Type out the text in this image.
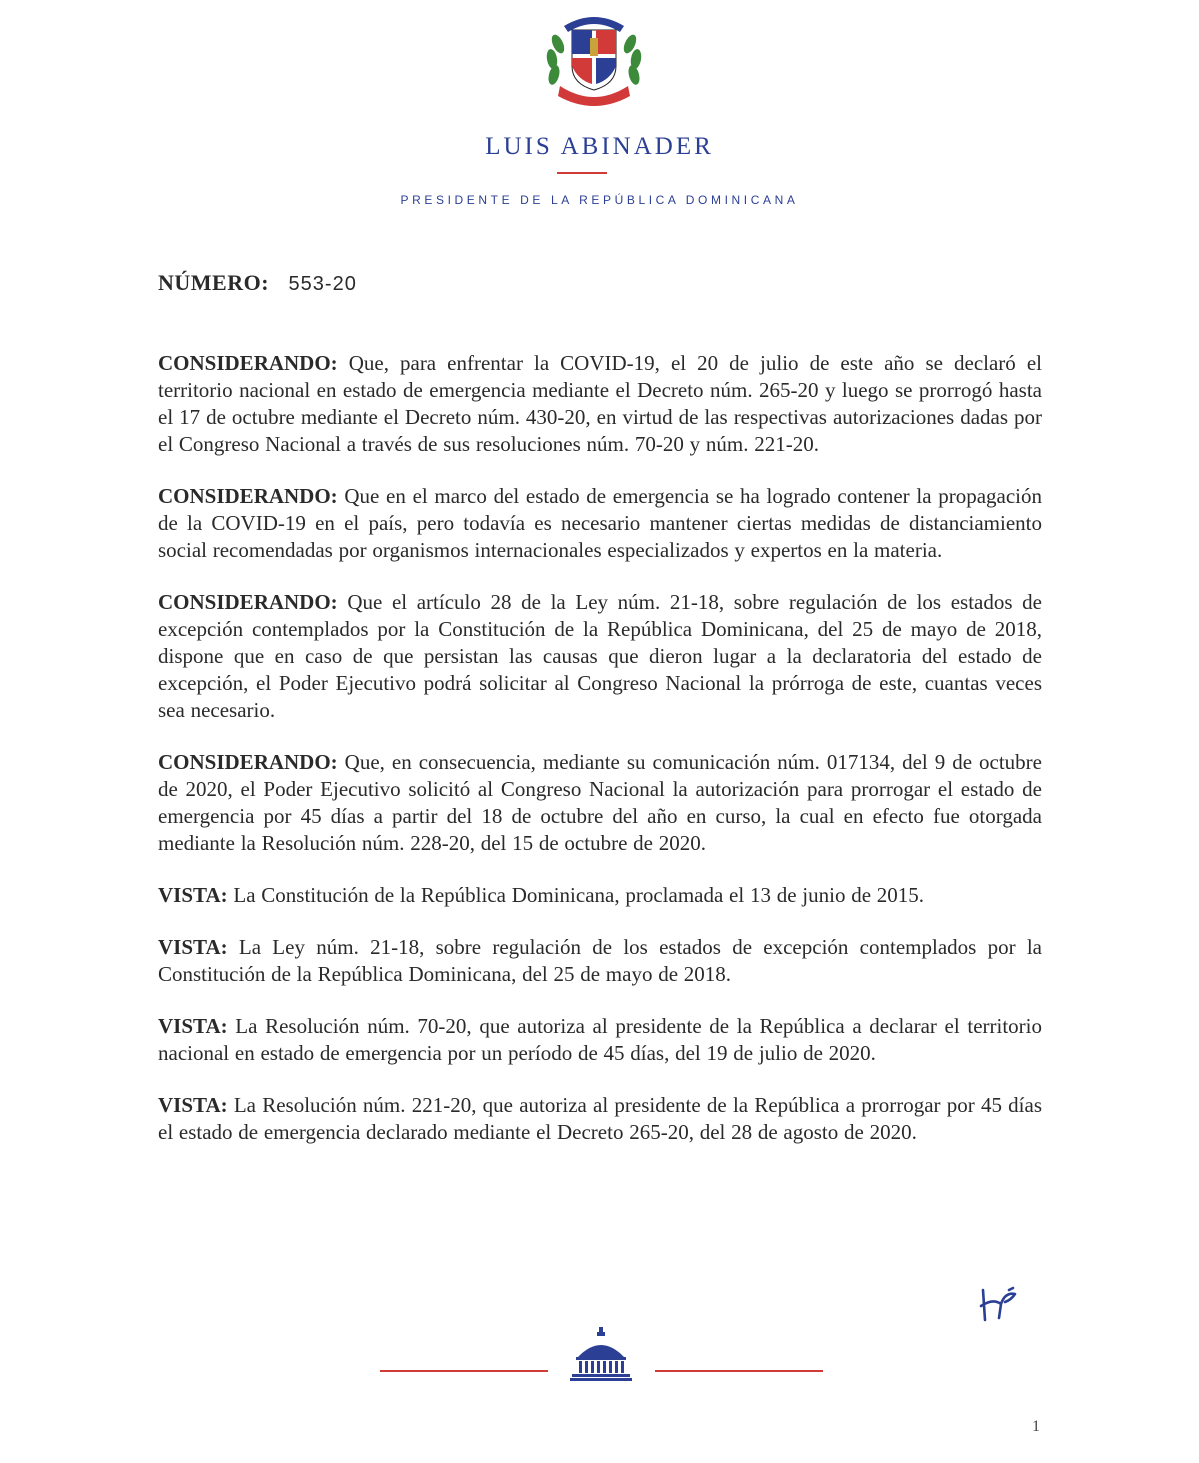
LUIS ABINADER
PRESIDENTE DE LA REPÚBLICA DOMINICANA
NÚMERO: 553-20

CONSIDERANDO: Que, para enfrentar la COVID-19, el 20 de julio de este año se declaró el territorio nacional en estado de emergencia mediante el Decreto núm. 265-20 y luego se prorrogó hasta el 17 de octubre mediante el Decreto núm. 430-20, en virtud de las respectivas autorizaciones dadas por el Congreso Nacional a través de sus resoluciones núm. 70-20 y núm. 221-20.

CONSIDERANDO: Que en el marco del estado de emergencia se ha logrado contener la propagación de la COVID-19 en el país, pero todavía es necesario mantener ciertas medidas de distanciamiento social recomendadas por organismos internacionales especializados y expertos en la materia.

CONSIDERANDO: Que el artículo 28 de la Ley núm. 21-18, sobre regulación de los estados de excepción contemplados por la Constitución de la República Dominicana, del 25 de mayo de 2018, dispone que en caso de que persistan las causas que dieron lugar a la declaratoria del estado de excepción, el Poder Ejecutivo podrá solicitar al Congreso Nacional la prórroga de este, cuantas veces sea necesario.

CONSIDERANDO: Que, en consecuencia, mediante su comunicación núm. 017134, del 9 de octubre de 2020, el Poder Ejecutivo solicitó al Congreso Nacional la autorización para prorrogar el estado de emergencia por 45 días a partir del 18 de octubre del año en curso, la cual en efecto fue otorgada mediante la Resolución núm. 228-20, del 15 de octubre de 2020.

VISTA: La Constitución de la República Dominicana, proclamada el 13 de junio de 2015.

VISTA: La Ley núm. 21-18, sobre regulación de los estados de excepción contemplados por la Constitución de la República Dominicana, del 25 de mayo de 2018.

VISTA: La Resolución núm. 70-20, que autoriza al presidente de la República a declarar el territorio nacional en estado de emergencia por un período de 45 días, del 19 de julio de 2020.

VISTA: La Resolución núm. 221-20, que autoriza al presidente de la República a prorrogar por 45 días el estado de emergencia declarado mediante el Decreto 265-20, del 28 de agosto de 2020.

1
